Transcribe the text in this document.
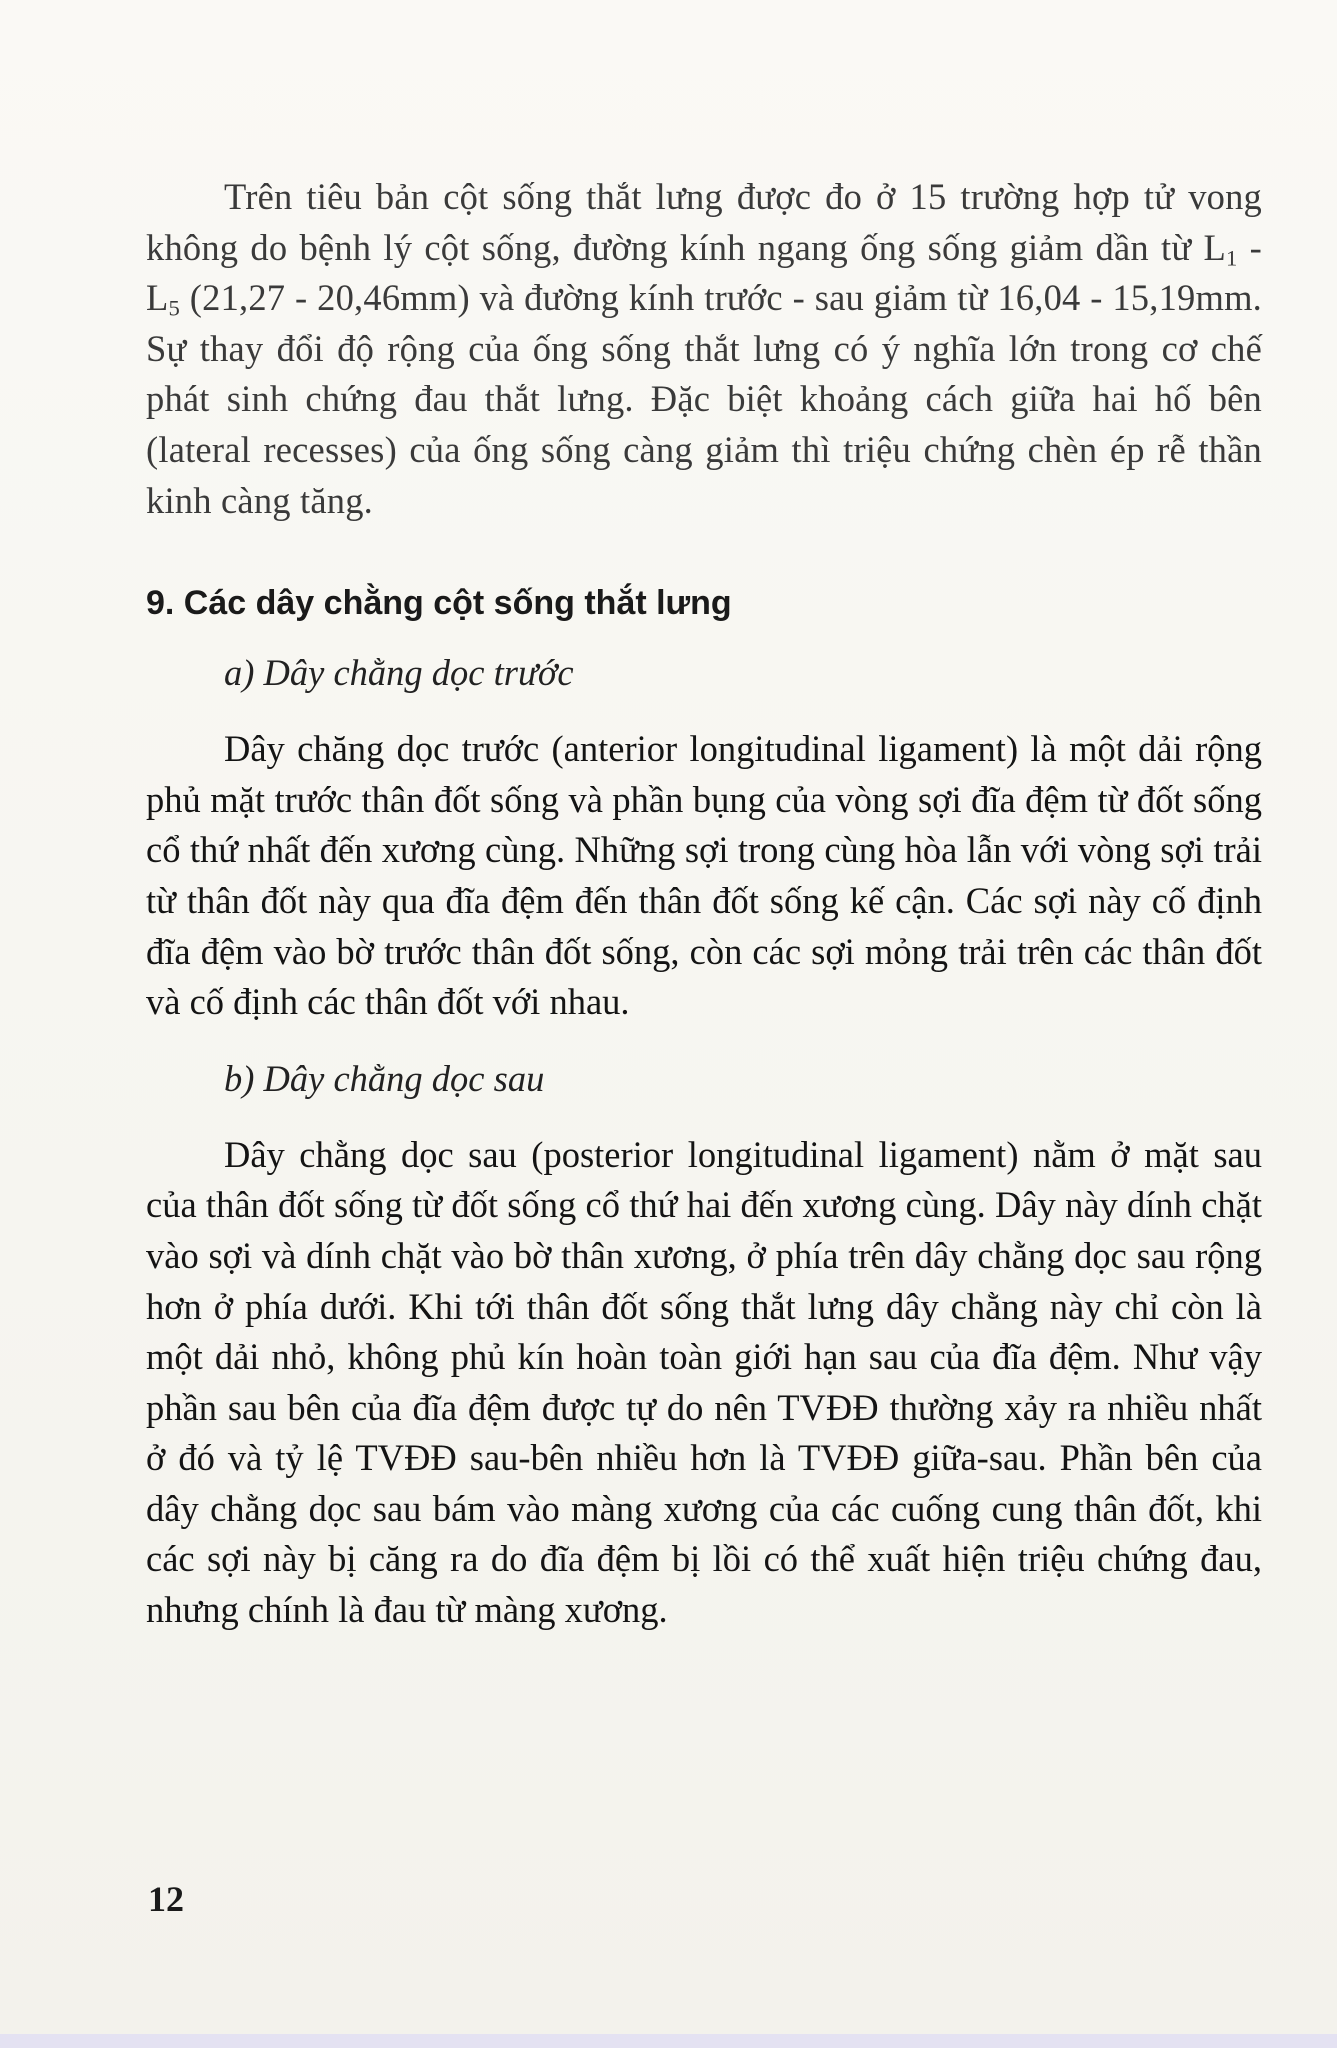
Trên tiêu bản cột sống thắt lưng được đo ở 15 trường hợp tử vong không do bệnh lý cột sống, đường kính ngang ống sống giảm dần từ $L_1 - L_5$ (21,27 - 20,46mm) và đường kính trước - sau giảm từ 16,04 - 15,19mm. Sự thay đổi độ rộng của ống sống thắt lưng có ý nghĩa lớn trong cơ chế phát sinh chứng đau thắt lưng. Đặc biệt khoảng cách giữa hai hố bên (lateral recesses) của ống sống càng giảm thì triệu chứng chèn ép rễ thần kinh càng tăng.

9. Các dây chằng cột sống thắt lưng
a) Dây chằng dọc trước

Dây chăng dọc trước (anterior longitudinal ligament) là một dải rộng phủ mặt trước thân đốt sống và phần bụng của vòng sợi đĩa đệm từ đốt sống cổ thứ nhất đến xương cùng. Những sợi trong cùng hòa lẫn với vòng sợi trải từ thân đốt này qua đĩa đệm đến thân đốt sống kế cận. Các sợi này cố định đĩa đệm vào bờ trước thân đốt sống, còn các sợi mỏng trải trên các thân đốt và cố định các thân đốt với nhau.

b) Dây chằng dọc sau

Dây chằng dọc sau (posterior longitudinal ligament) nằm ở mặt sau của thân đốt sống từ đốt sống cổ thứ hai đến xương cùng. Dây này dính chặt vào sợi và dính chặt vào bờ thân xương, ở phía trên dây chằng dọc sau rộng hơn ở phía dưới. Khi tới thân đốt sống thắt lưng dây chằng này chỉ còn là một dải nhỏ, không phủ kín hoàn toàn giới hạn sau của đĩa đệm. Như vậy phần sau bên của đĩa đệm được tự do nên TVĐĐ thường xảy ra nhiều nhất ở đó và tỷ lệ TVĐĐ sau-bên nhiều hơn là TVĐĐ giữa-sau. Phần bên của dây chằng dọc sau bám vào màng xương của các cuống cung thân đốt, khi các sợi này bị căng ra do đĩa đệm bị lồi có thể xuất hiện triệu chứng đau, nhưng chính là đau từ màng xương.

12
